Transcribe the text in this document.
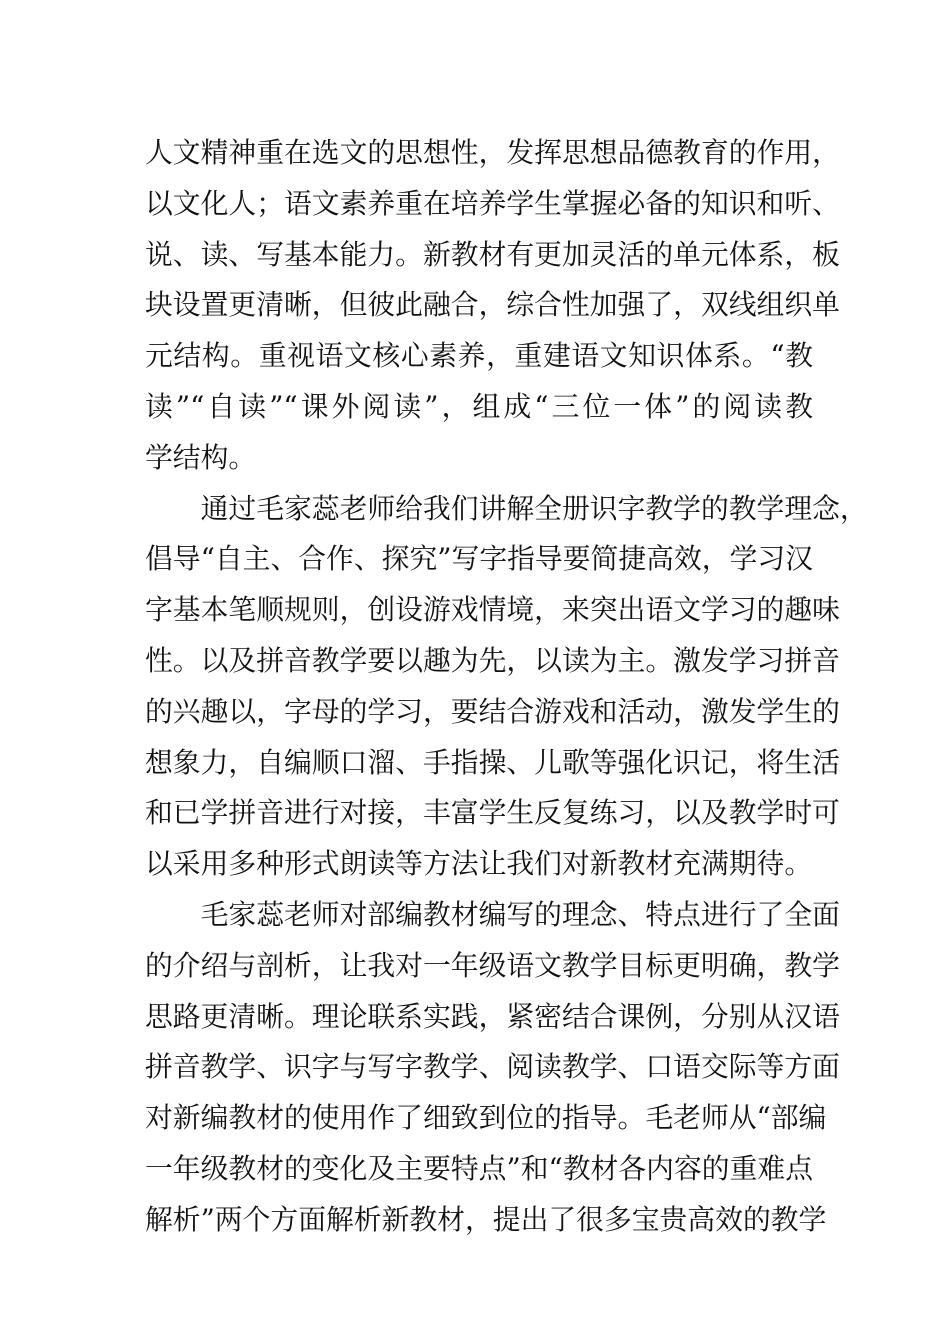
人文精神重在选文的思想性，发挥思想品德教育的作用，
以文化人；语文素养重在培养学生掌握必备的知识和听、
说、读、写基本能力。新教材有更加灵活的单元体系，板
块设置更清晰，但彼此融合，综合性加强了，双线组织单
元结构。重视语文核心素养，重建语文知识体系。“教
读”“自读”“课外阅读”，组成“三位一体”的阅读教
学结构。
通过毛家蕊老师给我们讲解全册识字教学的教学理念，
倡导“自主、合作、探究”写字指导要简捷高效，学习汉
字基本笔顺规则，创设游戏情境，来突出语文学习的趣味
性。以及拼音教学要以趣为先，以读为主。激发学习拼音
的兴趣以，字母的学习，要结合游戏和活动，激发学生的
想象力，自编顺口溜、手指操、儿歌等强化识记，将生活
和已学拼音进行对接，丰富学生反复练习，以及教学时可
以采用多种形式朗读等方法让我们对新教材充满期待。
毛家蕊老师对部编教材编写的理念、特点进行了全面
的介绍与剖析，让我对一年级语文教学目标更明确，教学
思路更清晰。理论联系实践，紧密结合课例，分别从汉语
拼音教学、识字与写字教学、阅读教学、口语交际等方面
对新编教材的使用作了细致到位的指导。毛老师从“部编
一年级教材的变化及主要特点”和“教材各内容的重难点
解析”两个方面解析新教材，提出了很多宝贵高效的教学
